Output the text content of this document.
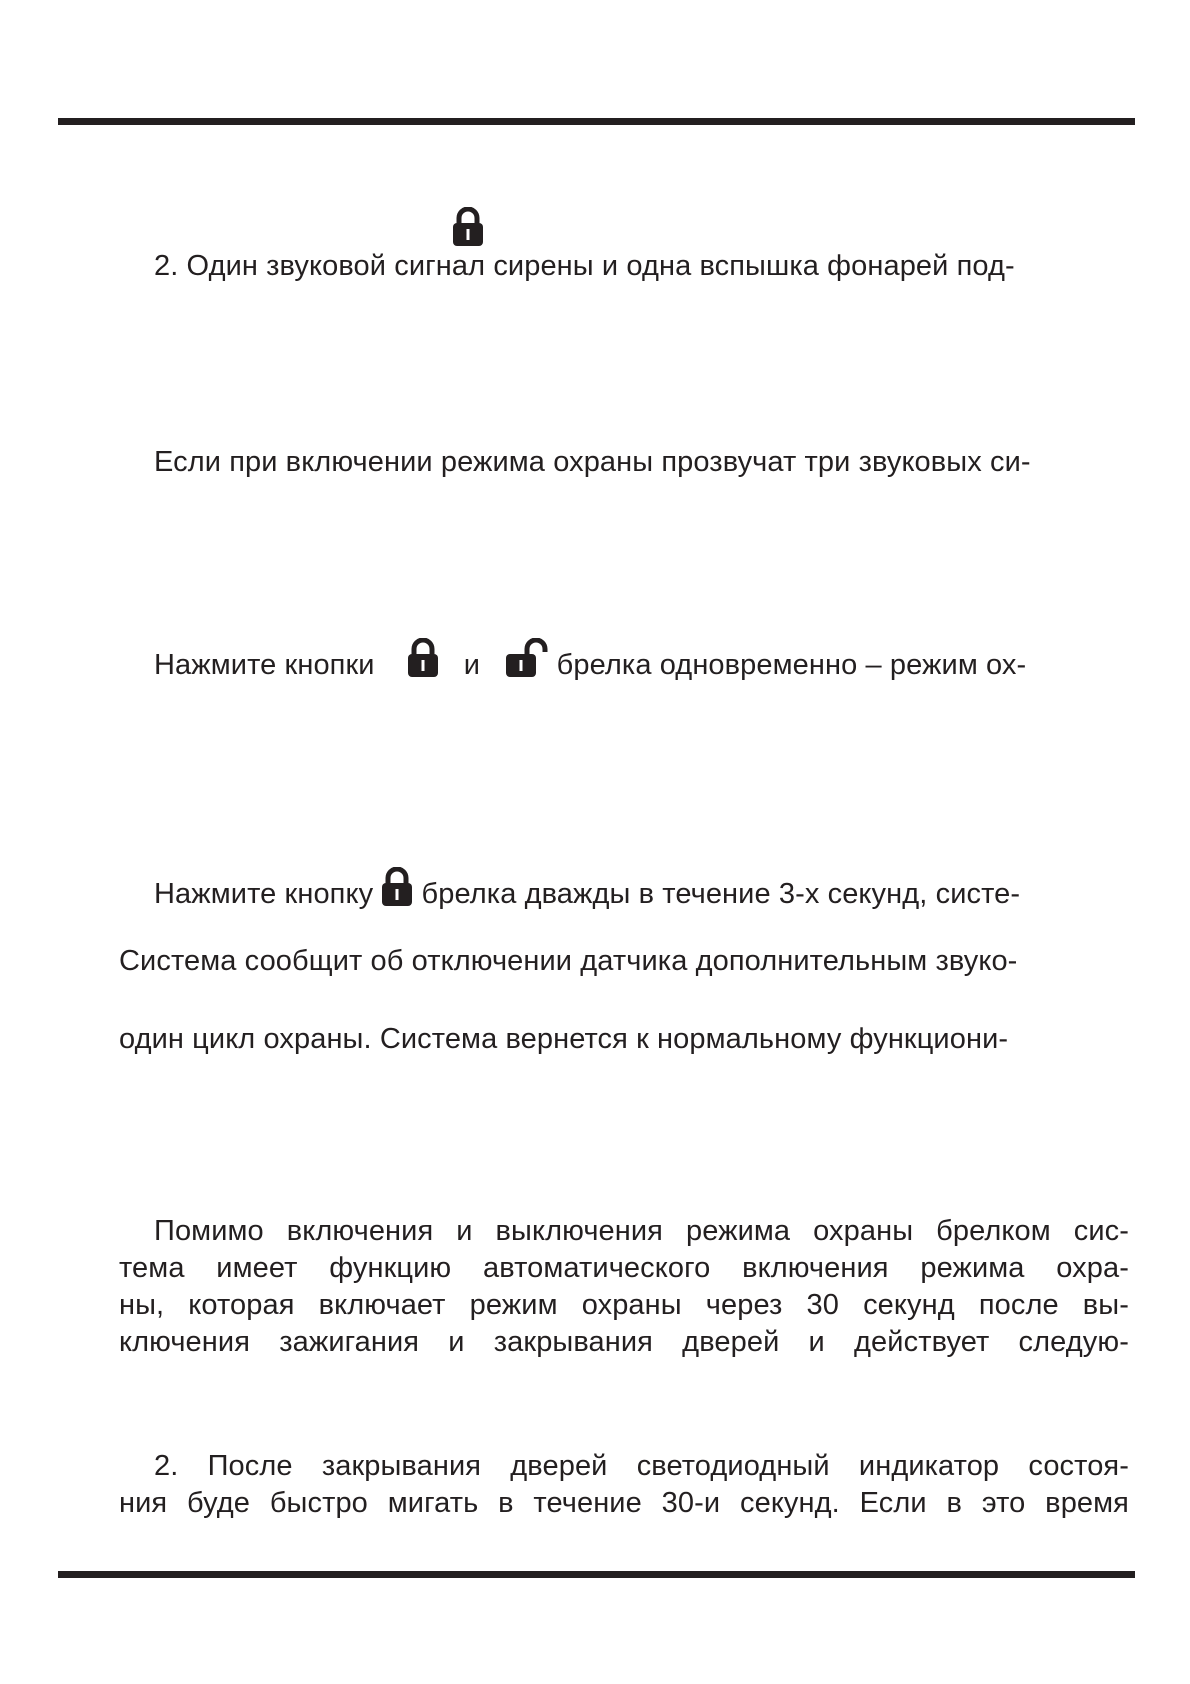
2. Один звуковой сигнал сирены и одна вспышка фонарей под-

Если при включении режима охраны прозвучат три звуковых си-

Нажмите кнопки	и	брелка одновременно – режим ох-

Нажмите кнопку брелка дважды в течение 3-х секунд, систе-

Система сообщит об отключении датчика дополнительным звуко-

один цикл охраны. Система вернется к нормальному функциони-

Помимо включения и выключения режима охраны брелком сис-

тема имеет функцию автоматического включения режима охра-

ны, которая включает режим охраны через 30 секунд после вы-

ключения зажигания и закрывания дверей и действует следую-

2. После закрывания дверей светодиодный индикатор состоя-

ния буде быстро мигать в течение 30-и секунд. Если в это время
